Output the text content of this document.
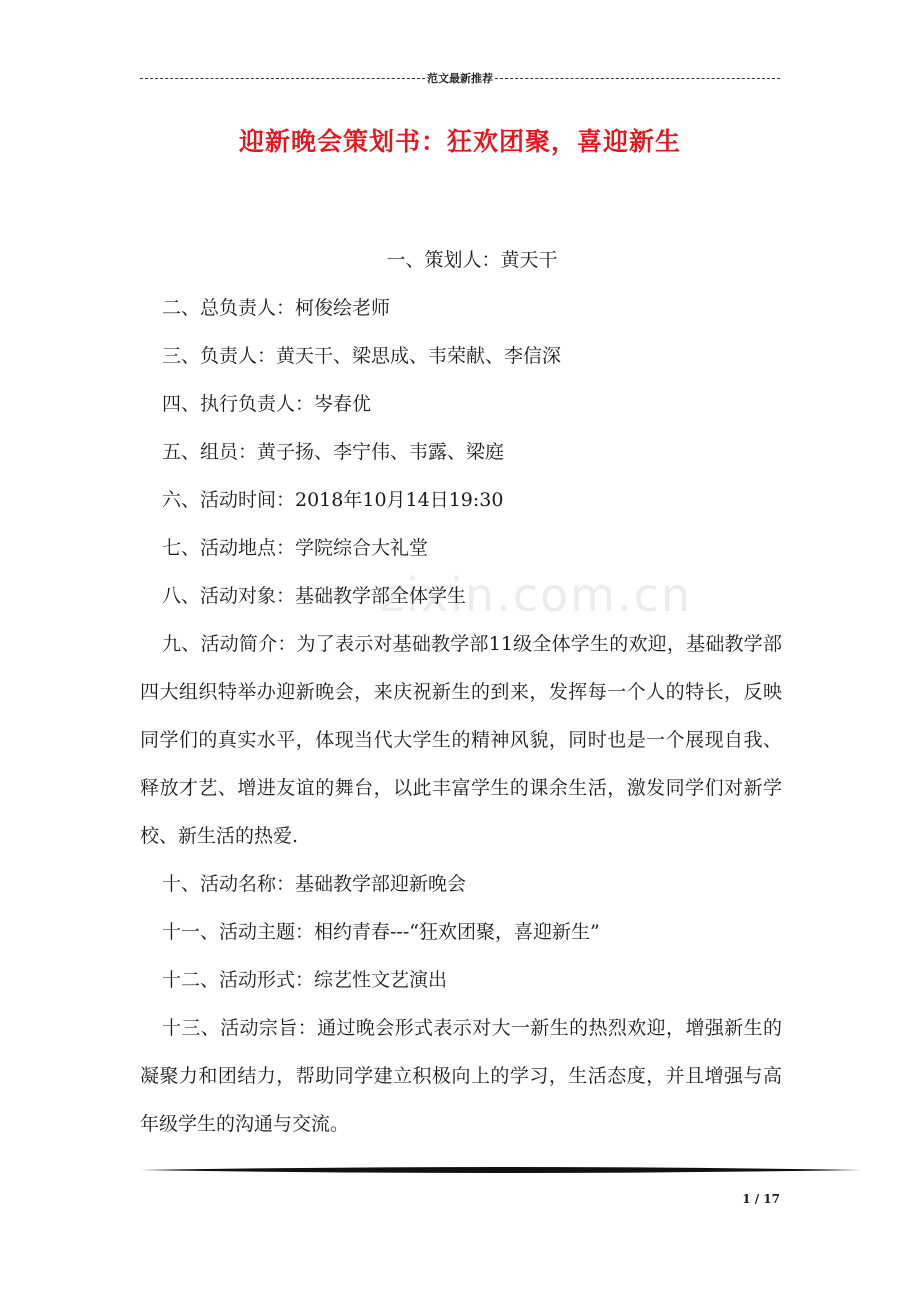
范文最新推荐
迎新晚会策划书：狂欢团聚，喜迎新生
zixin.com.cn

一、策划人：黄天干

二、总负责人：柯俊绘老师

三、负责人：黄天干、梁思成、韦荣献、李信深

四、执行负责人：岑春优

五、组员：黄子扬、李宁伟、韦露、梁庭

六、活动时间：2018年10月14日19:30

七、活动地点：学院综合大礼堂

八、活动对象：基础教学部全体学生

九、活动简介：为了表示对基础教学部11级全体学生的欢迎，基础教学部四大组织特举办迎新晚会，来庆祝新生的到来，发挥每一个人的特长，反映同学们的真实水平，体现当代大学生的精神风貌，同时也是一个展现自我、释放才艺、增进友谊的舞台，以此丰富学生的课余生活，激发同学们对新学校、新生活的热爱.

十、活动名称：基础教学部迎新晚会

十一、活动主题：相约青春---“狂欢团聚，喜迎新生”

十二、活动形式：综艺性文艺演出

十三、活动宗旨：通过晚会形式表示对大一新生的热烈欢迎，增强新生的凝聚力和团结力，帮助同学建立积极向上的学习，生活态度，并且增强与高年级学生的沟通与交流。

1 / 17
